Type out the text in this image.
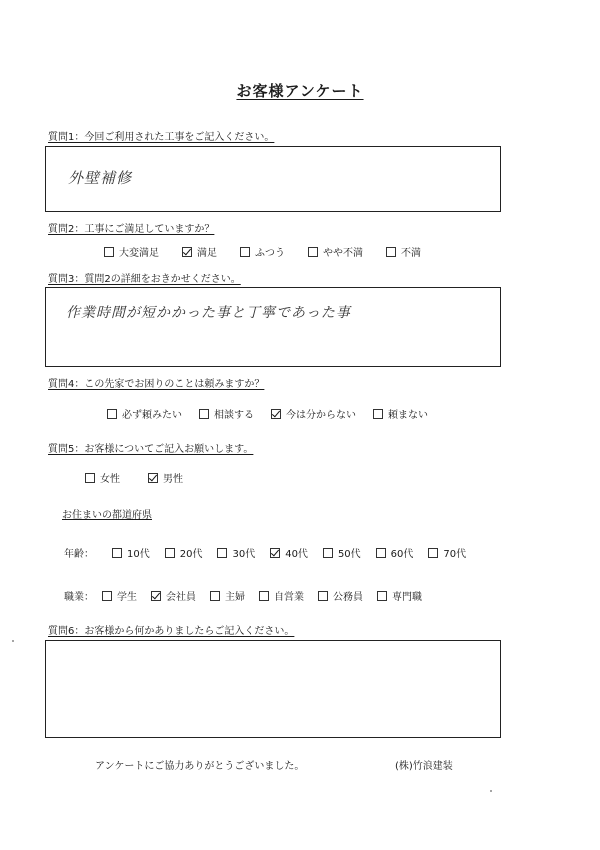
お客様アンケート
質問1：今回ご利用された工事をご記入ください。
外壁補修
質問2：工事にご満足していますか？
大変満足	満足	ふつう	やや不満	不満
質問3：質問2の詳細をおきかせください。
作業時間が短かかった事と丁寧であった事
質問4：この先家でお困りのことは頼みますか？
必ず頼みたい	相談する	今は分からない	頼まない
質問5：お客様についてご記入お願いします。
女性	男性
お住まいの都道府県
年齢：	10代	20代	30代	40代	50代	60代	70代
職業： 学生	会社員	主婦	自営業	公務員	専門職
質問6：お客様から何かありましたらご記入ください。
アンケートにご協力ありがとうございました。	(株)竹浪建装
